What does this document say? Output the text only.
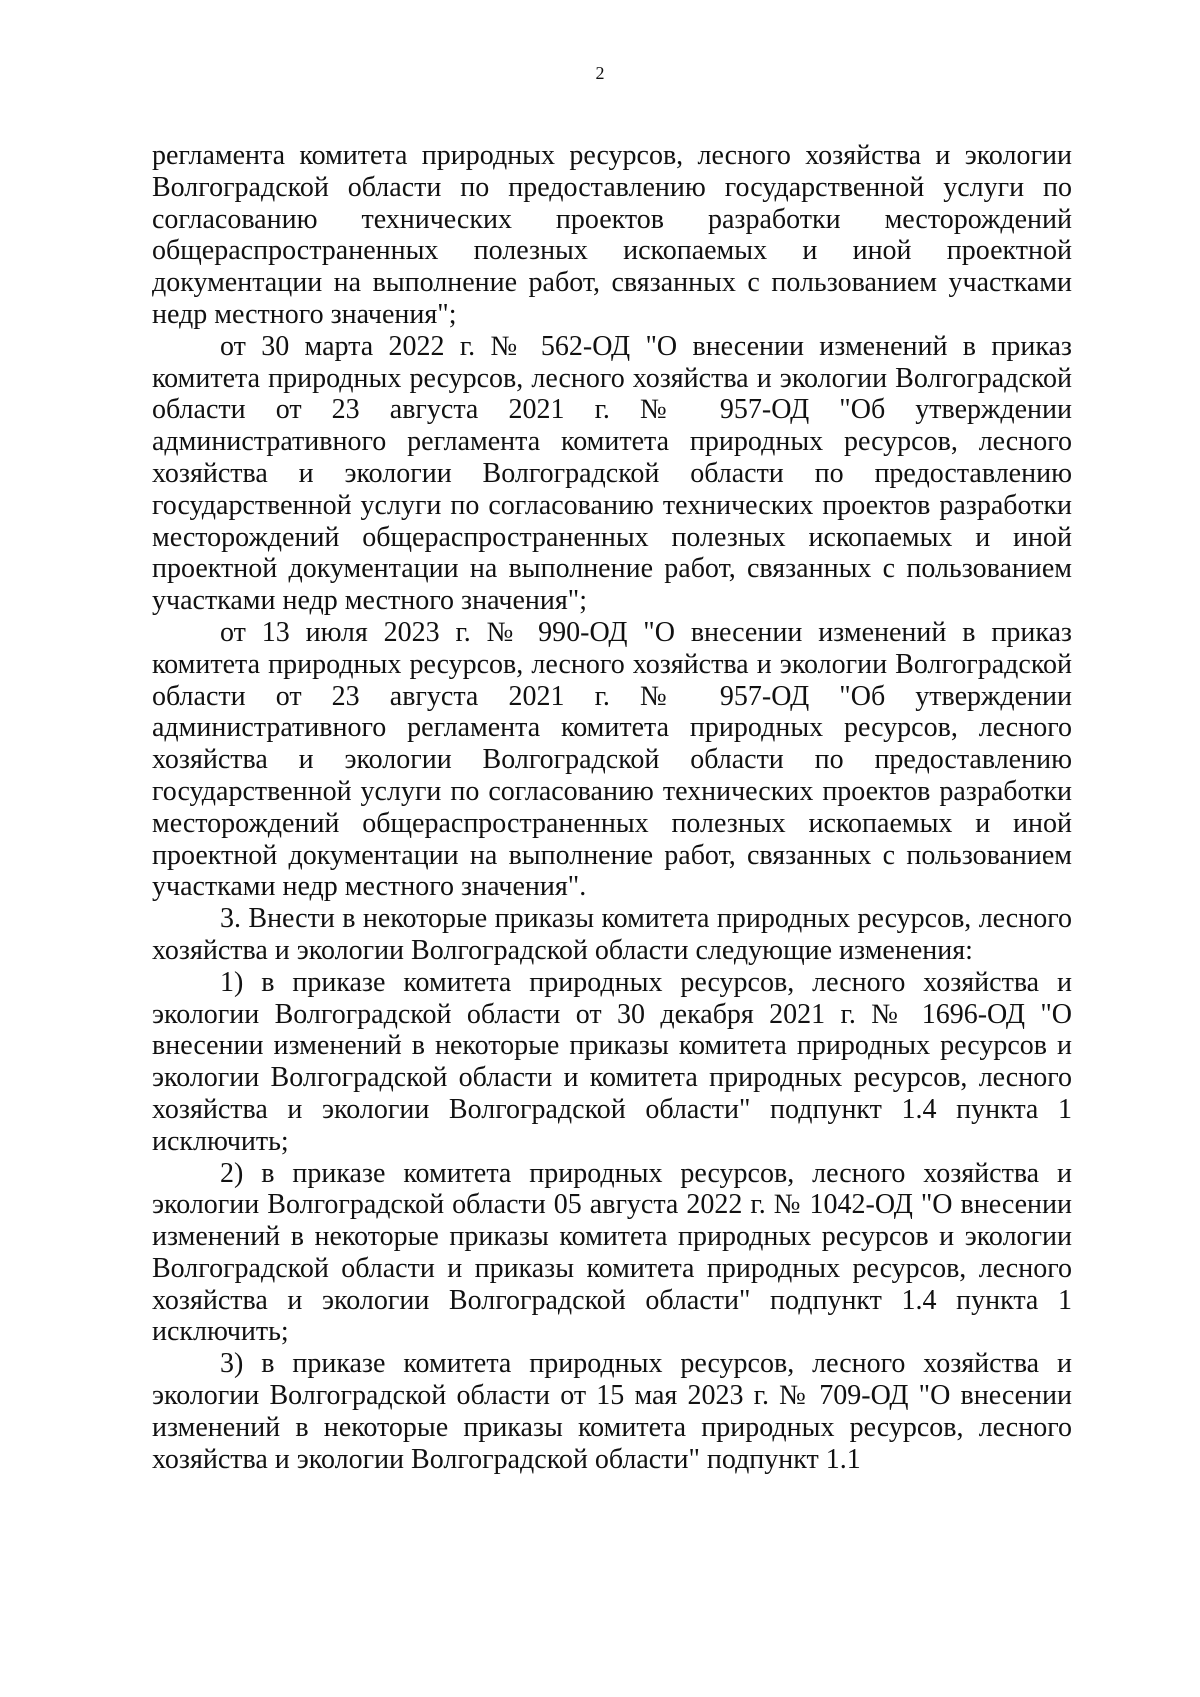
2

регламента комитета природных ресурсов, лесного хозяйства и экологии Волгоградской области по предоставлению государственной услуги по согласованию технических проектов разработки месторождений общераспространенных полезных ископаемых и иной проектной документации на выполнение работ, связанных с пользованием участками недр местного значения";

от 30 марта 2022 г. № 562-ОД "О внесении изменений в приказ комитета природных ресурсов, лесного хозяйства и экологии Волгоградской области от 23 августа 2021 г. № 957-ОД "Об утверждении административного регламента комитета природных ресурсов, лесного хозяйства и экологии Волгоградской области по предоставлению государственной услуги по согласованию технических проектов разработки месторождений общераспространенных полезных ископаемых и иной проектной документации на выполнение работ, связанных с пользованием участками недр местного значения";

от 13 июля 2023 г. № 990-ОД "О внесении изменений в приказ комитета природных ресурсов, лесного хозяйства и экологии Волгоградской области от 23 августа 2021 г. № 957-ОД "Об утверждении административного регламента комитета природных ресурсов, лесного хозяйства и экологии Волгоградской области по предоставлению государственной услуги по согласованию технических проектов разработки месторождений общераспространенных полезных ископаемых и иной проектной документации на выполнение работ, связанных с пользованием участками недр местного значения".

3. Внести в некоторые приказы комитета природных ресурсов, лесного хозяйства и экологии Волгоградской области следующие изменения:

1) в приказе комитета природных ресурсов, лесного хозяйства и экологии Волгоградской области от 30 декабря 2021 г. № 1696-ОД "О внесении изменений в некоторые приказы комитета природных ресурсов и экологии Волгоградской области и комитета природных ресурсов, лесного хозяйства и экологии Волгоградской области" подпункт 1.4 пункта 1 исключить;

2) в приказе комитета природных ресурсов, лесного хозяйства и экологии Волгоградской области 05 августа 2022 г. № 1042-ОД "О внесении изменений в некоторые приказы комитета природных ресурсов и экологии Волгоградской области и приказы комитета природных ресурсов, лесного хозяйства и экологии Волгоградской области" подпункт 1.4 пункта 1 исключить;

3) в приказе комитета природных ресурсов, лесного хозяйства и экологии Волгоградской области от 15 мая 2023 г. № 709-ОД "О внесении изменений в некоторые приказы комитета природных ресурсов, лесного хозяйства и экологии Волгоградской области" подпункт 1.1
